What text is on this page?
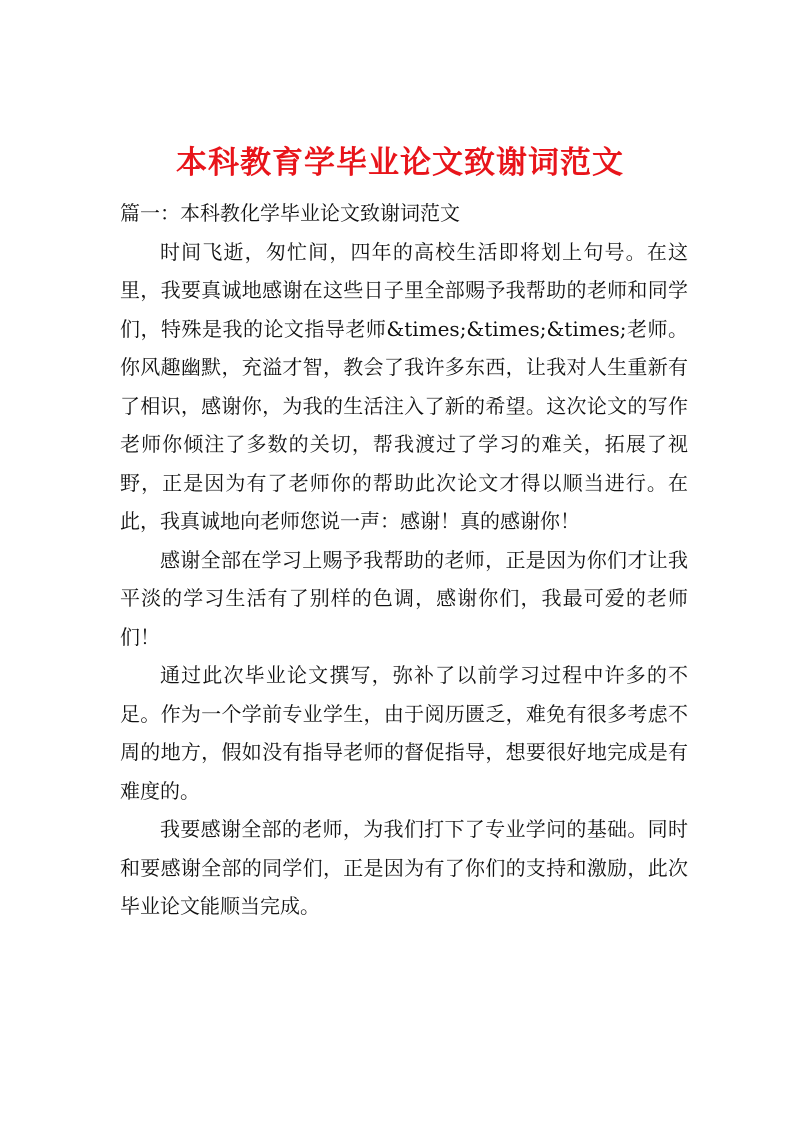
本科教育学毕业论文致谢词范文

篇一：本科教化学毕业论文致谢词范文

时间飞逝，匆忙间，四年的高校生活即将划上句号。在这里，我要真诚地感谢在这些日子里全部赐予我帮助的老师和同学们，特殊是我的论文指导老师&times;&times;&times;老师。你风趣幽默，充溢才智，教会了我许多东西，让我对人生重新有了相识，感谢你，为我的生活注入了新的希望。这次论文的写作老师你倾注了多数的关切，帮我渡过了学习的难关，拓展了视野，正是因为有了老师你的帮助此次论文才得以顺当进行。在此，我真诚地向老师您说一声：感谢！真的感谢你！

感谢全部在学习上赐予我帮助的老师，正是因为你们才让我平淡的学习生活有了别样的色调，感谢你们，我最可爱的老师们！

通过此次毕业论文撰写，弥补了以前学习过程中许多的不足。作为一个学前专业学生，由于阅历匮乏，难免有很多考虑不周的地方，假如没有指导老师的督促指导，想要很好地完成是有难度的。

我要感谢全部的老师，为我们打下了专业学问的基础。同时和要感谢全部的同学们，正是因为有了你们的支持和激励，此次毕业论文能顺当完成。
